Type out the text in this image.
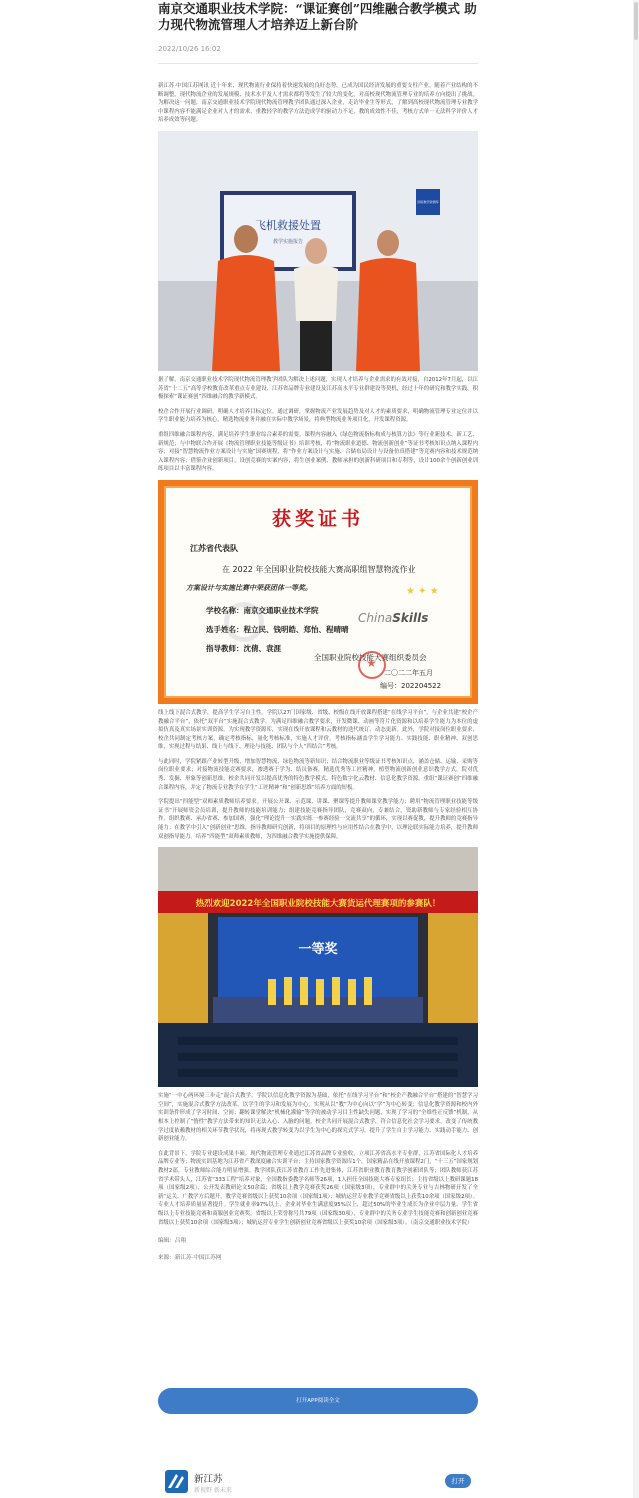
南京交通职业技术学院：“课证赛创”四维融合教学模式 助力现代物流管理人才培养迈上新台阶
2022/10/26 16:02

新江苏·中国江苏网讯 近十年来，现代物流行业保持着快速发展的良好态势，已成为国民经济发展的重要支柱产业。随着产业结构的不断调整，现代物流企业的发展规模、技术水平及人才需求都将等发生了较大的变化，对高校现代物流管理专业的培养方向提出了挑战。为解决这一问题，南京交通职业技术学院现代物流管理教学团队通过深入企业，走访毕业生等形式，了解到高校现代物流管理专业教学中课程内容不能满足企业对人才的需求，重教轻学的教学方法造成学的驱动力不足，教的成效性不佳，考核方式单一无法科学评价人才培养成效等问题。

飞机救援处置
教学实施报告
国家教学资源库

据了解，南京交通职业技术学院现代物流管理教学团队为解决上述问题，实现人才培养与企业需求的有效对接，自2012年7月起，以江苏省“十二五”高等学校教育改革重点专业建设、江苏省品牌专业建设及江苏高水平专业群建设等契机，经过十年的研究和教学实践，积极探索“课证赛创”四维融合的教学新模式。

校企合作开展行业调研，明确人才培养目标定位。通过调研，掌握物流产业发展趋势及对人才的素质要求，明确物流管理专业定位并以学生职业能力培养为核心，精选物流业务并融在实际中教学场景，将典型物流业务项目化，开发课程资源。

重组四维融合课程内容，满足培养学生职业综合素养的需要。课程内容融入《绿色物流指标构成与核算方法》等行业新技术、新工艺、新规范；与中物联合作开展《物流管理职业技能等级证书》培训考核，将“物流职业道德、物流创新创业”等证书考核知识点纳入课程内容；对接“智慧物流作业方案设计与实施”国赛规程，将“作业方案设计与实施、合储布局设计与设备仿真搭建”等竞赛内容和技术规范纳入课程内容；借鉴企业创新项目，设创竞赛的实案内容，将生创业案例、教师承担的创新科研项目和专利等，设计100余个创新创业训练项目以丰富课程内容。

获奖证书
江苏省代表队
在 2022 年全国职业院校技能大赛高职组智慧物流作业
方案设计与实施比赛中荣获团体一等奖。	★ ✦ ★
ChinaSkills
学校名称：南京交通职业技术学院
选手姓名：程立民、钱明皓、郑怡、程晴晴
指导教师：沈倩、袁涯
全国职业院校技能大赛组织委员会
★
二〇二二年五月
编号：202204522

线上线下混合式教学，提高学生学习自主性。学院以27门国家级、省级、校级在线开放课程搭建“在线学习平台”，与企业共建“校企产教融合平台”，依托“双平台”实施混合式教学。为满足四维融合教学要求，开发微课、动画等符片化资源和以培养学生能力为本位的虚拟仿真及真实场景实训资源，为实现教学资源库，实现在线开放课程和云教材的迭代统订、动态更新。此外，学院对接岗位职业要求，校企共同制定考核方案，确定考核指标，量化考核标准，实施人才评价，考核指标涵盖学生学习能力、实践技能、职业精神、双创思维，实现过程与结果、线上与线下、理论与技能、团队与个人“四结合”考核。

与此同时，学院紧跟产业转型升级，增加智慧物流、绿色物流等新知识；结合物流职业等级证书考核知识点，涵盖仓储、运输、采购等岗位职业要求；对接物流技能竞赛要求，渗透赛于学为、结员备赛，精选优秀等工匠精神，植塑物流创新创业意识教学方式。院对优秀、发掘、形象等创新思维。校企共同开发以提高优秀的特色教学模式、特色数字化云教材、信息化教学资源。重组“课证赛创”四维融合课程内容，并定了物流专业教学在学生“工匠精神”和“创新思维”培养方面的短板。

学院提出“四能型”双师素质教师培养要求。开展公开课、示范课、讲课、聚课等提升教师课堂教学能力；聘用“物流管理职业技能等级证书”开展师资会员培训，提升教师的技能培训能力；组建技能竞赛指导团队，竞赛双向，专兼结合，资助新教师与专家经验相互协作，组织教赛、承办省赛、参加国赛，强化“理论提升一实践实练一参赛经验一交流共享”的循环，实现以赛促教，提升教师的竞赛指导能力；在教学中引入“创新创业”思维，指导教师研究创新，将项目的原理性与应用性结合在教学中，以理论联实际能力培养，提升教师双创指导能力。培养“四能型”双师素质教师，为四维融合教学实施提供保障。

热烈欢迎2022年全国职业院校技能大赛货运代理赛项的参赛队！
一等奖

实施“一中心两环境三步走”混合式教学。学院以信息化教学资源为基础，依托“在线学习平台”和“校企产教融合平台”搭建的“智慧学习空间”，实施混合式教学方法改革。以学生的学习和发展为中心，实现从以“教”为中心向以“学”为中心转变；信息化教学资源和校内外实训条件形成了学习时间、空间；翻转课堂解决“机械化灌输”等学的被动学习目主性缺失问题，实现了学习的“全维性正反馈”机制，从根本上控制了“惰性”教学方法带来的知识无法入心、入脑的问题。校企共同开展混合式教学，符合信息化社会学习要求，改变了传统教学过度依赖教材的相关环节教学状况，将再现式教学转变为以学生为中心的探究式学习，提升了学生自主学习能力、实践动手能力、创新创业能力。

在此背景下，学院专业建设成果丰硕。现代物流管理专业通过江苏省品牌专业验收，立项江苏省高水平专业群，江苏省国际化人才培养品牌专业等；物流实训基地为江苏省产教深度融合实训平台；主持国家教学资源库1个，国家精品在线开放课程2门，“十三五”国家规划教材2部。专业教师综合能力明显增强。教学团队获江苏省教育工作先进集体，江苏省职业教育教育教学创新团队等；团队教师获江苏省学术带头人，江苏省“333工程”培养对象，全国教指委教学名师等26项，1人担任全国技能大赛专家组长；主持省级以上教研课题18项（国家级2项），公开发表教研论文50余篇；省级以上教学竞赛获奖26项（国家级3项），专业群中的关务专业与吉林物研开发了全新“运关、广教学方后题开，教学竞赛省级以上获奖10余项（国家级1项）；城轨运营专业教学竞赛省级以上获奖10余项（国家级2项）。专业人才培养质量显著提升。学生就业率97%以上，企业对毕业生满意度95%以上，超过50%的毕业生成长为企业中层力量。学生省级以上专业技能竞赛和商服创业竞赛奖，省级以上荣誉称号共79项（国家级30项），专业群中的关务专业学生技能竞赛和创新创业竞赛省级以上获奖10余项（国家级3项）；城轨运营专业学生创新创业竞赛省级以上获奖10余项（国家级3项）。（南京交通职业技术学院）

编辑：吕翔
来源：新江苏·中国江苏网
打开APP阅读全文
新江苏
新视野 新未来
打开
